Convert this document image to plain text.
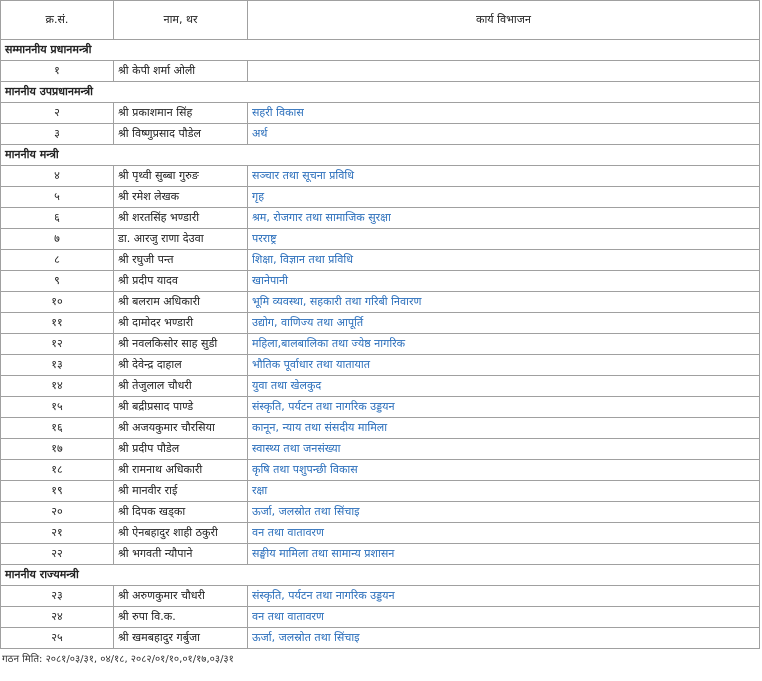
क्र.सं.	नाम, थर	कार्य विभाजन
सम्माननीय प्रधानमन्त्री		
१	श्री केपी शर्मा ओली	
माननीय उपप्रधानमन्त्री		
२	श्री प्रकाशमान सिंह	सहरी विकास
३	श्री विष्णुप्रसाद पौडेल	अर्थ
माननीय मन्त्री		
४	श्री पृथ्वी सुब्बा गुरुङ	सञ्चार तथा सूचना प्रविधि
५	श्री रमेश लेखक	गृह
६	श्री शरतसिंह भण्डारी	श्रम, रोजगार तथा सामाजिक सुरक्षा
७	डा. आरजु राणा देउवा	परराष्ट्र
८	श्री रघुजी पन्त	शिक्षा, विज्ञान तथा प्रविधि
९	श्री प्रदीप यादव	खानेपानी
१०	श्री बलराम अधिकारी	भूमि व्यवस्था, सहकारी तथा गरिबी निवारण
११	श्री दामोदर भण्डारी	उद्योग, वाणिज्य तथा आपूर्ति
१२	श्री नवलकिसोर साह सुडी	महिला,बालबालिका तथा ज्येष्ठ नागरिक
१३	श्री देवेन्द्र दाहाल	भौतिक पूर्वाधार तथा यातायात
१४	श्री तेजुलाल चौधरी	युवा तथा खेलकुद
१५	श्री बद्रीप्रसाद पाण्डे	संस्कृति, पर्यटन तथा नागरिक उड्डयन
१६	श्री अजयकुमार चौरसिया	कानून, न्याय तथा संसदीय मामिला
१७	श्री प्रदीप पौडेल	स्वास्थ्य तथा जनसंख्या
१८	श्री रामनाथ अधिकारी	कृषि तथा पशुपन्छी विकास
१९	श्री मानवीर राई	रक्षा
२०	श्री दिपक खड्का	ऊर्जा, जलस्रोत तथा सिंचाइ
२१	श्री ऐनबहादुर शाही ठकुरी	वन तथा वातावरण
२२	श्री भगवती न्यौपाने	सङ्घीय मामिला तथा सामान्य प्रशासन
माननीय राज्यमन्त्री		
२३	श्री अरुणकुमार चौधरी	संस्कृति, पर्यटन तथा नागरिक उड्डयन
२४	श्री रुपा वि.क.	वन तथा वातावरण
२५	श्री खमबहादुर गर्बुजा	ऊर्जा, जलस्रोत तथा सिंचाइ
गठन मिति: २०८१/०३/३१, ०४/१८, २०८२/०१/१०,०१/१७,०३/३१
